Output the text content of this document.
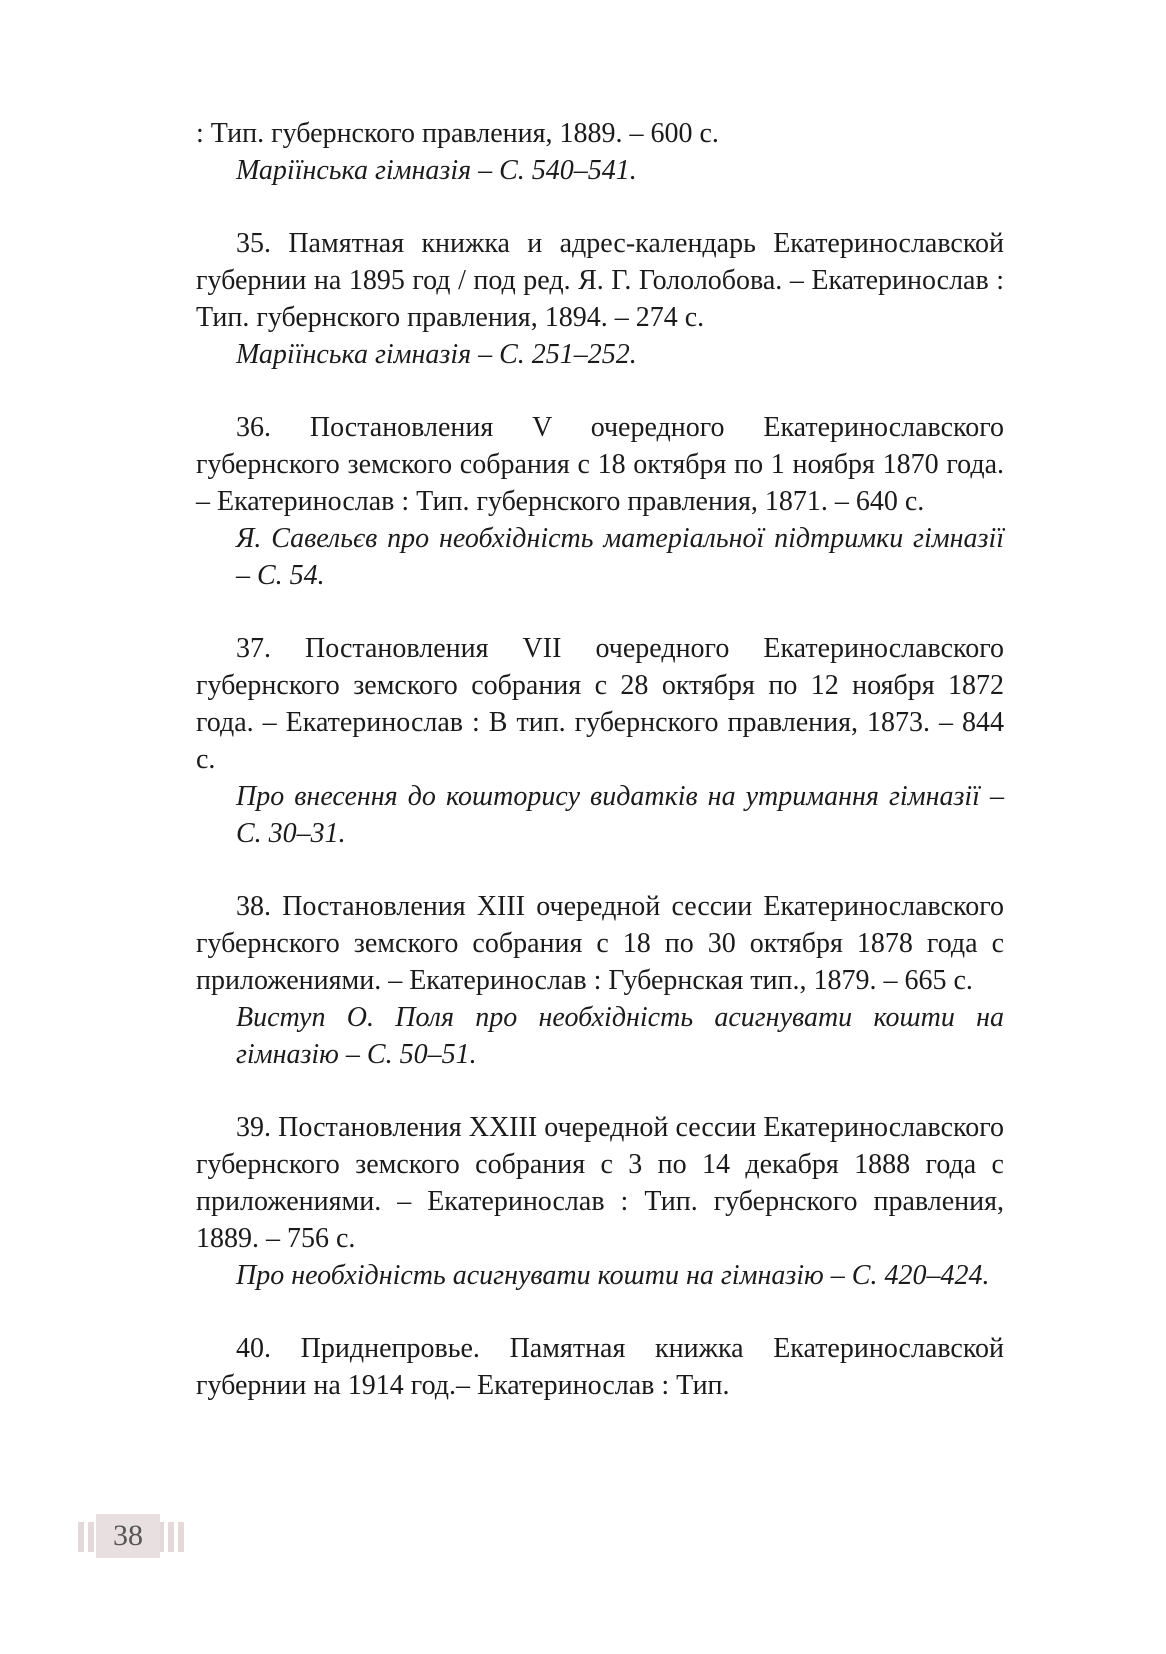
: Тип. губернского правления, 1889. – 600 с.

Маріїнська гімназія – С. 540–541.

35. Памятная книжка и адрес-календарь Екатеринославской губернии на 1895 год / под ред. Я. Г. Гололобова. – Екатеринослав : Тип. губернского правления, 1894. – 274 с.

Маріїнська гімназія – С. 251–252.

36. Постановления V очередного Екатеринославского губернского земского собрания с 18 октября по 1 ноября 1870 года. – Екатеринослав : Тип. губернского правления, 1871. – 640 с.

Я. Савельєв про необхідність матеріальної підтримки гімназії – С. 54.

37. Постановления VII очередного Екатеринославского губернского земского собрания с 28 октября по 12 ноября 1872 года. – Екатеринослав : В тип. губернского правления, 1873. – 844 с.

Про внесення до кошторису видатків на утримання гімназії – С. 30–31.

38. Постановления XIII очередной сессии Екатеринославского губернского земского собрания с 18 по 30 октября 1878 года с приложениями. – Екатеринослав : Губернская тип., 1879. – 665 с.

Виступ О. Поля про необхідність асигнувати кошти на гімназію – С. 50–51.

39. Постановления XXIII очередной сессии Екатеринославского губернского земского собрания с 3 по 14 декабря 1888 года с приложениями. – Екатеринослав : Тип. губернского правления, 1889. – 756 с.

Про необхідність асигнувати кошти на гімназію – С. 420–424.

40. Приднепровье. Памятная книжка Екатеринославской губернии на 1914 год.– Екатеринослав : Тип.

38
